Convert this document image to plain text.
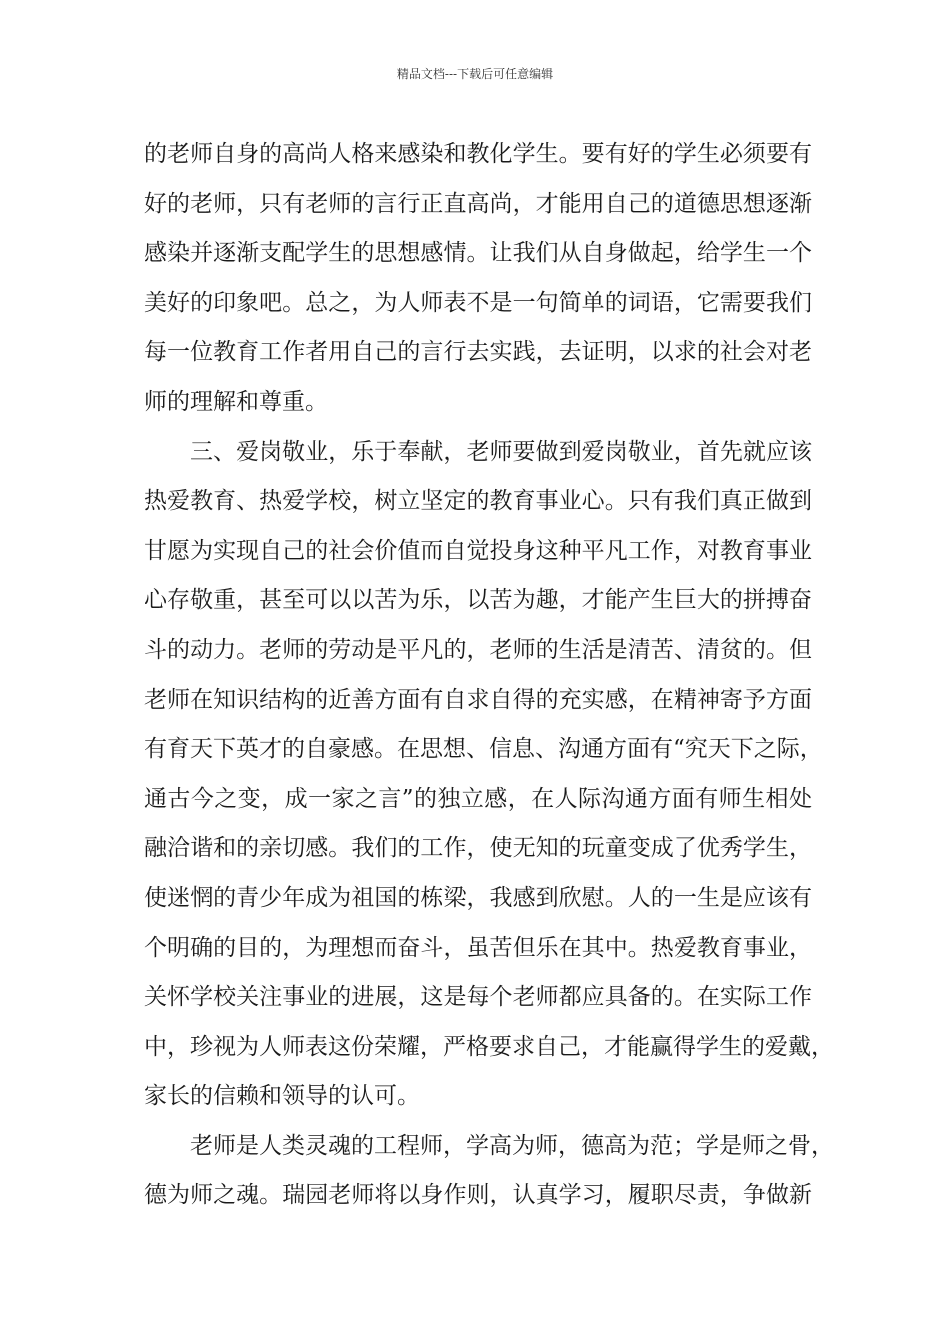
精品文档---下载后可任意编辑
的老师自身的高尚人格来感染和教化学生。要有好的学生必须要有
好的老师，只有老师的言行正直高尚，才能用自己的道德思想逐渐
感染并逐渐支配学生的思想感情。让我们从自身做起，给学生一个
美好的印象吧。总之，为人师表不是一句简单的词语，它需要我们
每一位教育工作者用自己的言行去实践，去证明，以求的社会对老
师的理解和尊重。
三、爱岗敬业，乐于奉献，老师要做到爱岗敬业，首先就应该
热爱教育、热爱学校，树立坚定的教育事业心。只有我们真正做到
甘愿为实现自己的社会价值而自觉投身这种平凡工作，对教育事业
心存敬重，甚至可以以苦为乐，以苦为趣，才能产生巨大的拼搏奋
斗的动力。老师的劳动是平凡的，老师的生活是清苦、清贫的。但
老师在知识结构的近善方面有自求自得的充实感，在精神寄予方面
有育天下英才的自豪感。在思想、信息、沟通方面有“究天下之际，
通古今之变，成一家之言”的独立感，在人际沟通方面有师生相处
融洽谐和的亲切感。我们的工作，使无知的玩童变成了优秀学生，
使迷惘的青少年成为祖国的栋梁，我感到欣慰。人的一生是应该有
个明确的目的，为理想而奋斗，虽苦但乐在其中。热爱教育事业，
关怀学校关注事业的进展，这是每个老师都应具备的。在实际工作
中，珍视为人师表这份荣耀，严格要求自己，才能赢得学生的爱戴，
家长的信赖和领导的认可。
老师是人类灵魂的工程师，学高为师，德高为范；学是师之骨，
德为师之魂。瑞园老师将以身作则，认真学习，履职尽责，争做新
